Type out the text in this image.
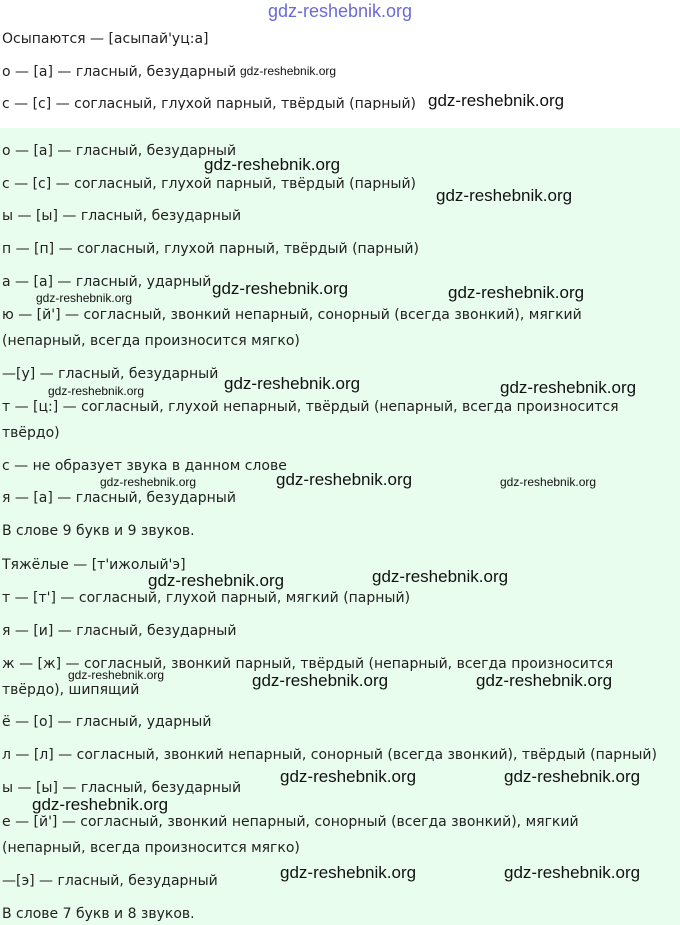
gdz-reshebnik.org
Осыпаются — [асыпай'уц:а]
о — [а] — гласный, безударный
с — [с] — согласный, глухой парный, твёрдый (парный)
о — [а] — гласный, безударный
с — [с] — согласный, глухой парный, твёрдый (парный)
ы — [ы] — гласный, безударный
п — [п] — согласный, глухой парный, твёрдый (парный)
а — [а] — гласный, ударный
ю — [й'] — согласный, звонкий непарный, сонорный (всегда звонкий), мягкий
(непарный, всегда произносится мягко)
—[у] — гласный, безударный
т — [ц:] — согласный, глухой непарный, твёрдый (непарный, всегда произносится
твёрдо)
с — не образует звука в данном слове
я — [а] — гласный, безударный
В слове 9 букв и 9 звуков.
Тяжёлые — [т'ижолый'э]
т — [т'] — согласный, глухой парный, мягкий (парный)
я — [и] — гласный, безударный
ж — [ж] — согласный, звонкий парный, твёрдый (непарный, всегда произносится
твёрдо), шипящий
ё — [о] — гласный, ударный
л — [л] — согласный, звонкий непарный, сонорный (всегда звонкий), твёрдый (парный)
ы — [ы] — гласный, безударный
е — [й'] — согласный, звонкий непарный, сонорный (всегда звонкий), мягкий
(непарный, всегда произносится мягко)
—[э] — гласный, безударный
В слове 7 букв и 8 звуков.
gdz-reshebnik.org
gdz-reshebnik.org
gdz-reshebnik.org
gdz-reshebnik.org
gdz-reshebnik.org	gdz-reshebnik.org
gdz-reshebnik.org
gdz-reshebnik.org	gdz-reshebnik.org
gdz-reshebnik.org
gdz-reshebnik.org
gdz-reshebnik.org	gdz-reshebnik.org
gdz-reshebnik.org	gdz-reshebnik.org
gdz-reshebnik.org	gdz-reshebnik.org	gdz-reshebnik.org
gdz-reshebnik.org	gdz-reshebnik.org
gdz-reshebnik.org
gdz-reshebnik.org	gdz-reshebnik.org
